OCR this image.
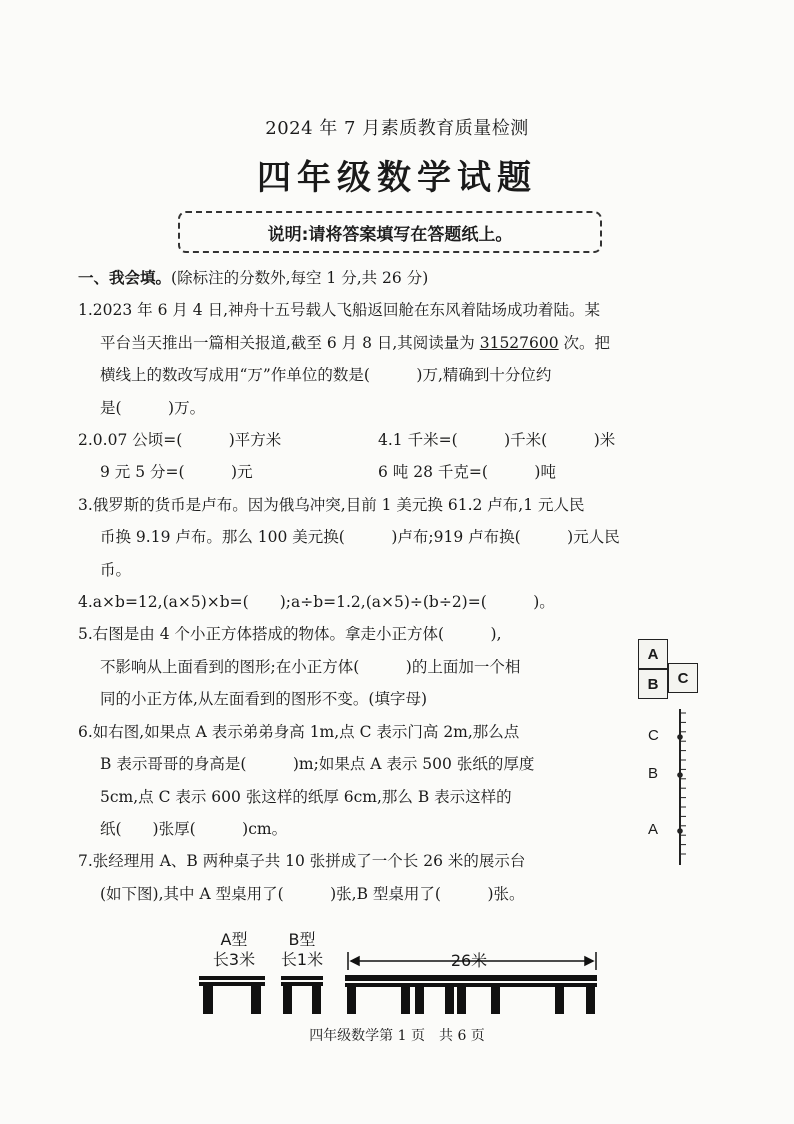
2024 年 7 月素质教育质量检测
四年级数学试题
说明:请将答案填写在答题纸上。
一、我会填。(除标注的分数外,每空 1 分,共 26 分)
1.2023 年 6 月 4 日,神舟十五号载人飞船返回舱在东风着陆场成功着陆。某
平台当天推出一篇相关报道,截至 6 月 8 日,其阅读量为 31527600 次。把
横线上的数改写成用“万”作单位的数是(　　　)万,精确到十分位约
是(　　　)万。
2.0.07 公顷=(　　　)平方米	4.1 千米=(　　　)千米(　　　)米
9 元 5 分=(　　　)元	6 吨 28 千克=(　　　)吨
3.俄罗斯的货币是卢布。因为俄乌冲突,目前 1 美元换 61.2 卢布,1 元人民
币换 9.19 卢布。那么 100 美元换(　　　)卢布;919 卢布换(　　　)元人民
币。
4.a×b=12,(a×5)×b=(　　);a÷b=1.2,(a×5)÷(b÷2)=(　　　)。
5.右图是由 4 个小正方体搭成的物体。拿走小正方体(　　　),
不影响从上面看到的图形;在小正方体(　　　)的上面加一个相
同的小正方体,从左面看到的图形不变。(填字母)
6.如右图,如果点 A 表示弟弟身高 1m,点 C 表示门高 2m,那么点
B 表示哥哥的身高是(　　　)m;如果点 A 表示 500 张纸的厚度
5cm,点 C 表示 600 张这样的纸厚 6cm,那么 B 表示这样的
纸(　　)张厚(　　　)cm。
7.张经理用 A、B 两种桌子共 10 张拼成了一个长 26 米的展示台
(如下图),其中 A 型桌用了(　　　)张,B 型桌用了(　　　)张。
A
B	C
C
B
A
A型
长3米
B型
长1米	26米
四年级数学第 1 页　共 6 页
